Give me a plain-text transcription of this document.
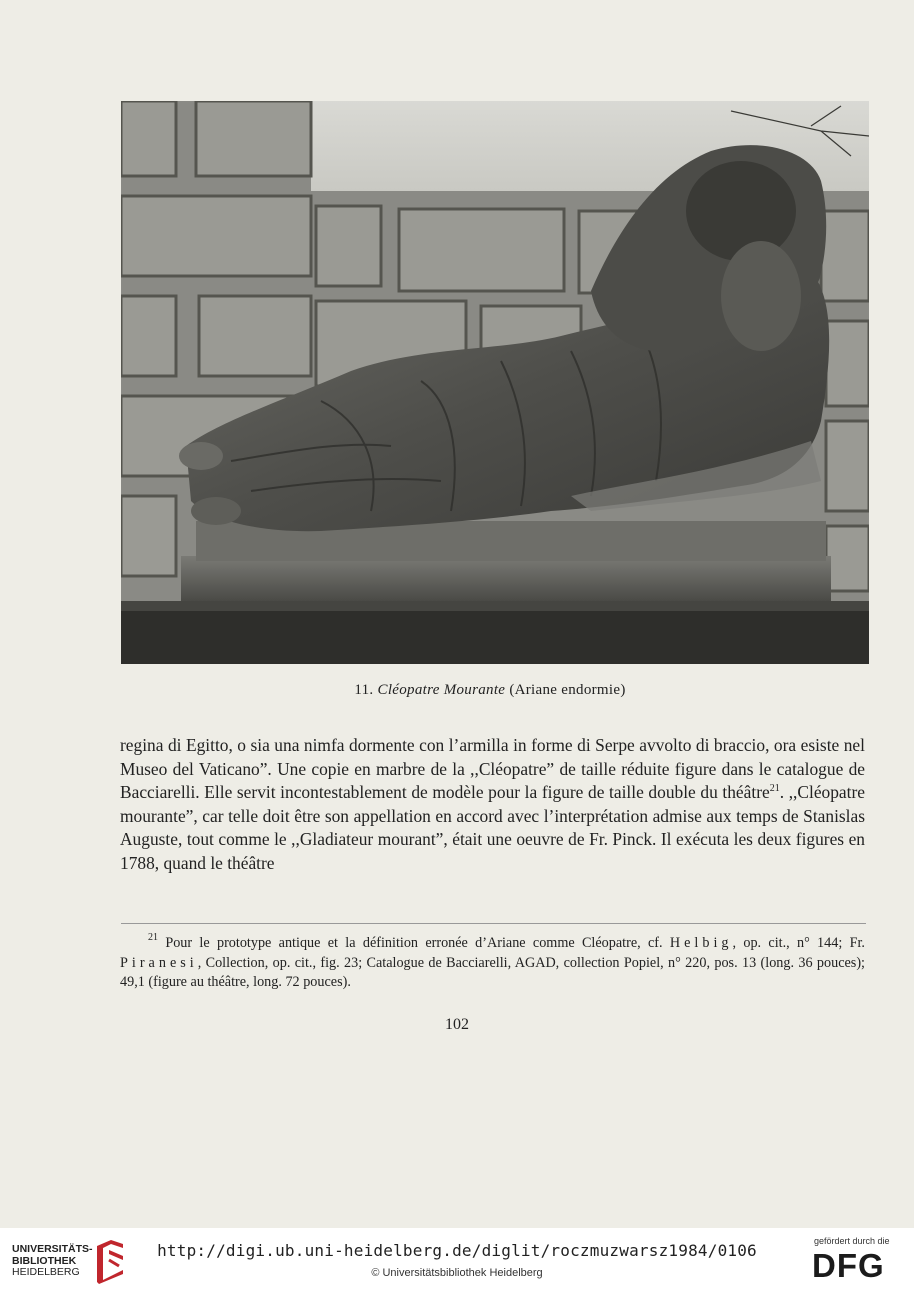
11. Cléopatre Mourante (Ariane endormie)

regina di Egitto, o sia una nimfa dormente con l’armilla in forme di Serpe avvolto di braccio, ora esiste nel Museo del Vaticano”. Une copie en marbre de la ,,Cléopatre” de taille réduite figure dans le catalogue de Bacciarelli. Elle servit incontestablement de modèle pour la figure de taille double du théâtre$^{21}$. ,,Cléopatre mourante”, car telle doit être son appellation en accord avec l’interprétation admise aux temps de Stanislas Auguste, tout comme le ,,Gladiateur mourant”, était une oeuvre de Fr. Pinck. Il exécuta les deux figures en 1788, quand le théâtre

$^{21}$ Pour le prototype antique et la définition erronée d’Ariane comme Cléopatre, cf. Helbig, op. cit., n° 144; Fr. Piranesi, Collection, op. cit., fig. 23; Catalogue de Bacciarelli, AGAD, collection Popiel, n° 220, pos. 13 (long. 36 pouces); 49,1 (figure au théâtre, long. 72 pouces).

102
UNIVERSITÄTS-
BIBLIOTHEK
HEIDELBERG
http://digi.ub.uni-heidelberg.de/diglit/roczmuzwarsz1984/0106
© Universitätsbibliothek Heidelberg
gefördert durch die
DFG
